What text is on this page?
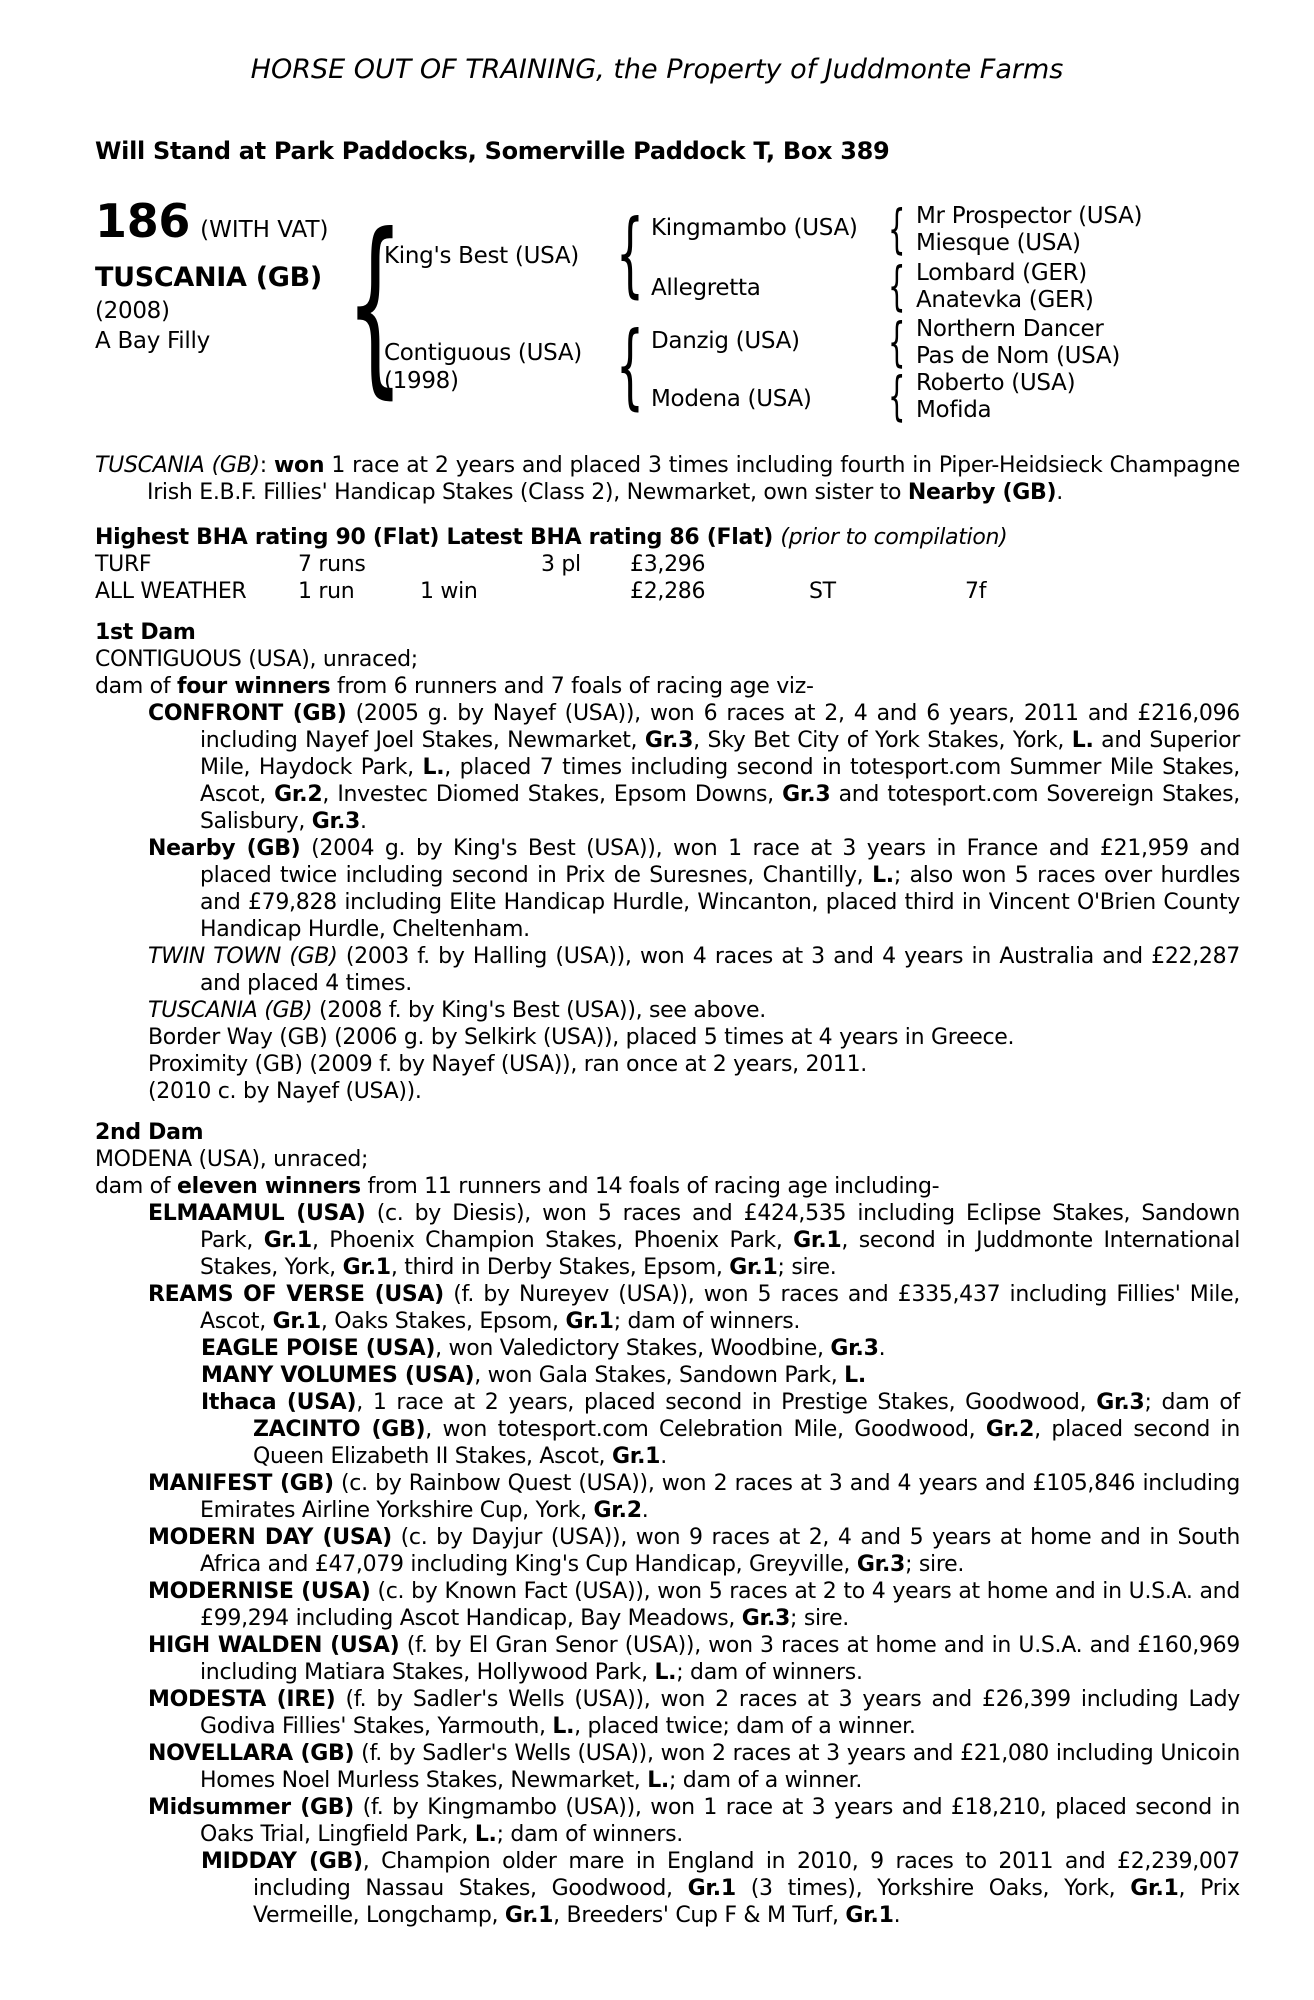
HORSE OUT OF TRAINING, the Property of Juddmonte Farms
Will Stand at Park Paddocks, Somerville Paddock T, Box 389
186 (WITH VAT)
TUSCANIA (GB)
(2008)
A Bay Filly
{
{
{
{
{
{
{
King's Best (USA)
Contiguous (USA)
(1998)
Kingmambo (USA)
Allegretta
Danzig (USA)
Modena (USA)
Mr Prospector (USA)
Miesque (USA)
Lombard (GER)
Anatevka (GER)
Northern Dancer
Pas de Nom (USA)
Roberto (USA)
Mofida

TUSCANIA (GB): won 1 race at 2 years and placed 3 times including fourth in Piper-Heidsieck Champagne Irish E.B.F. Fillies' Handicap Stakes (Class 2), Newmarket, own sister to Nearby (GB).

Highest BHA rating 90 (Flat) Latest BHA rating 86 (Flat) (prior to compilation)

TURF	7 runs	3 pl £3,296
ALL WEATHER 1 run	1 win	£2,286	ST	7f
1st Dam
CONTIGUOUS (USA), unraced;

dam of four winners from 6 runners and 7 foals of racing age viz-

CONFRONT (GB) (2005 g. by Nayef (USA)), won 6 races at 2, 4 and 6 years, 2011 and £216,096 including Nayef Joel Stakes, Newmarket, Gr.3, Sky Bet City of York Stakes, York, L. and Superior Mile, Haydock Park, L., placed 7 times including second in totesport.com Summer Mile Stakes, Ascot, Gr.2, Investec Diomed Stakes, Epsom Downs, Gr.3 and totesport.com Sovereign Stakes, Salisbury, Gr.3.

Nearby (GB) (2004 g. by King's Best (USA)), won 1 race at 3 years in France and £21,959 and placed twice including second in Prix de Suresnes, Chantilly, L.; also won 5 races over hurdles and £79,828 including Elite Handicap Hurdle, Wincanton, placed third in Vincent O'Brien County Handicap Hurdle, Cheltenham.

TWIN TOWN (GB) (2003 f. by Halling (USA)), won 4 races at 3 and 4 years in Australia and £22,287 and placed 4 times.

TUSCANIA (GB) (2008 f. by King's Best (USA)), see above.

Border Way (GB) (2006 g. by Selkirk (USA)), placed 5 times at 4 years in Greece.

Proximity (GB) (2009 f. by Nayef (USA)), ran once at 2 years, 2011.

(2010 c. by Nayef (USA)).

2nd Dam
MODENA (USA), unraced;

dam of eleven winners from 11 runners and 14 foals of racing age including-

ELMAAMUL (USA) (c. by Diesis), won 5 races and £424,535 including Eclipse Stakes, Sandown Park, Gr.1, Phoenix Champion Stakes, Phoenix Park, Gr.1, second in Juddmonte International Stakes, York, Gr.1, third in Derby Stakes, Epsom, Gr.1; sire.

REAMS OF VERSE (USA) (f. by Nureyev (USA)), won 5 races and £335,437 including Fillies' Mile, Ascot, Gr.1, Oaks Stakes, Epsom, Gr.1; dam of winners.

EAGLE POISE (USA), won Valedictory Stakes, Woodbine, Gr.3.

MANY VOLUMES (USA), won Gala Stakes, Sandown Park, L.

Ithaca (USA), 1 race at 2 years, placed second in Prestige Stakes, Goodwood, Gr.3; dam of ZACINTO (GB), won totesport.com Celebration Mile, Goodwood, Gr.2, placed second in Queen Elizabeth II Stakes, Ascot, Gr.1.

MANIFEST (GB) (c. by Rainbow Quest (USA)), won 2 races at 3 and 4 years and £105,846 including Emirates Airline Yorkshire Cup, York, Gr.2.

MODERN DAY (USA) (c. by Dayjur (USA)), won 9 races at 2, 4 and 5 years at home and in South Africa and £47,079 including King's Cup Handicap, Greyville, Gr.3; sire.

MODERNISE (USA) (c. by Known Fact (USA)), won 5 races at 2 to 4 years at home and in U.S.A. and £99,294 including Ascot Handicap, Bay Meadows, Gr.3; sire.

HIGH WALDEN (USA) (f. by El Gran Senor (USA)), won 3 races at home and in U.S.A. and £160,969 including Matiara Stakes, Hollywood Park, L.; dam of winners.

MODESTA (IRE) (f. by Sadler's Wells (USA)), won 2 races at 3 years and £26,399 including Lady Godiva Fillies' Stakes, Yarmouth, L., placed twice; dam of a winner.

NOVELLARA (GB) (f. by Sadler's Wells (USA)), won 2 races at 3 years and £21,080 including Unicoin Homes Noel Murless Stakes, Newmarket, L.; dam of a winner.

Midsummer (GB) (f. by Kingmambo (USA)), won 1 race at 3 years and £18,210, placed second in Oaks Trial, Lingfield Park, L.; dam of winners.

MIDDAY (GB), Champion older mare in England in 2010, 9 races to 2011 and £2,239,007 including Nassau Stakes, Goodwood, Gr.1 (3 times), Yorkshire Oaks, York, Gr.1, Prix Vermeille, Longchamp, Gr.1, Breeders' Cup F & M Turf, Gr.1.
